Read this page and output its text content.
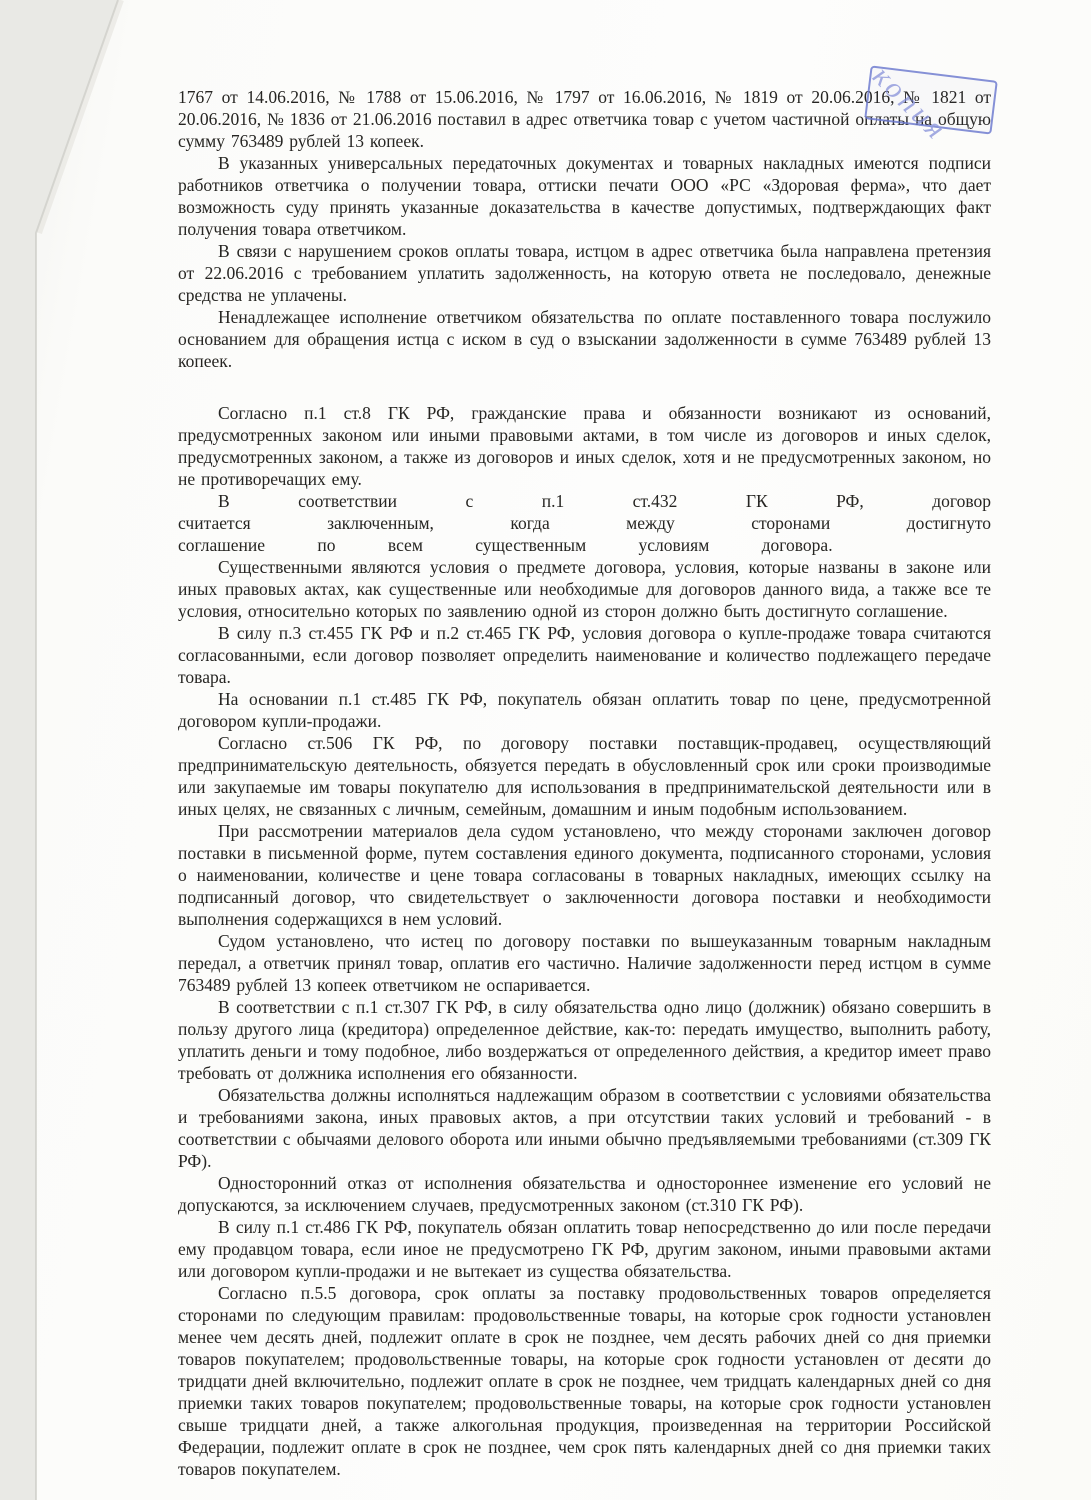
1767 от 14.06.2016, № 1788 от 15.06.2016, № 1797 от 16.06.2016, № 1819 от 20.06.2016, № 1821 от 20.06.2016, № 1836 от 21.06.2016 поставил в адрес ответчика товар с учетом частичной оплаты на общую сумму 763489 рублей 13 копеек.

В указанных универсальных передаточных документах и товарных накладных имеются подписи работников ответчика о получении товара, оттиски печати ООО «РС «Здоровая ферма», что дает возможность суду принять указанные доказательства в качестве допустимых, подтверждающих факт получения товара ответчиком.

В связи с нарушением сроков оплаты товара, истцом в адрес ответчика была направлена претензия от 22.06.2016 с требованием уплатить задолженность, на которую ответа не последовало, денежные средства не уплачены.

Ненадлежащее исполнение ответчиком обязательства по оплате поставленного товара послужило основанием для обращения истца с иском в суд о взыскании задолженности в сумме 763489 рублей 13 копеек.

Согласно п.1 ст.8 ГК РФ, гражданские права и обязанности возникают из оснований, предусмотренных законом или иными правовыми актами, в том числе из договоров и иных сделок, предусмотренных законом, а также из договоров и иных сделок, хотя и не предусмотренных законом, но не противоречащих ему.

В соответствии с п.1 ст.432 ГК РФ, договор считается заключенным, когда между сторонами достигнуто соглашение по всем существенным условиям договора.

Существенными являются условия о предмете договора, условия, которые названы в законе или иных правовых актах, как существенные или необходимые для договоров данного вида, а также все те условия, относительно которых по заявлению одной из сторон должно быть достигнуто соглашение.

В силу п.3 ст.455 ГК РФ и п.2 ст.465 ГК РФ, условия договора о купле-продаже товара считаются согласованными, если договор позволяет определить наименование и количество подлежащего передаче товара.

На основании п.1 ст.485 ГК РФ, покупатель обязан оплатить товар по цене, предусмотренной договором купли-продажи.

Согласно ст.506 ГК РФ, по договору поставки поставщик-продавец, осуществляющий предпринимательскую деятельность, обязуется передать в обусловленный срок или сроки производимые или закупаемые им товары покупателю для использования в предпринимательской деятельности или в иных целях, не связанных с личным, семейным, домашним и иным подобным использованием.

При рассмотрении материалов дела судом установлено, что между сторонами заключен договор поставки в письменной форме, путем составления единого документа, подписанного сторонами, условия о наименовании, количестве и цене товара согласованы в товарных накладных, имеющих ссылку на подписанный договор, что свидетельствует о заключенности договора поставки и необходимости выполнения содержащихся в нем условий.

Судом установлено, что истец по договору поставки по вышеуказанным товарным накладным передал, а ответчик принял товар, оплатив его частично. Наличие задолженности перед истцом в сумме 763489 рублей 13 копеек ответчиком не оспаривается.

В соответствии с п.1 ст.307 ГК РФ, в силу обязательства одно лицо (должник) обязано совершить в пользу другого лица (кредитора) определенное действие, как-то: передать имущество, выполнить работу, уплатить деньги и тому подобное, либо воздержаться от определенного действия, а кредитор имеет право требовать от должника исполнения его обязанности.

Обязательства должны исполняться надлежащим образом в соответствии с условиями обязательства и требованиями закона, иных правовых актов, а при отсутствии таких условий и требований - в соответствии с обычаями делового оборота или иными обычно предъявляемыми требованиями (ст.309 ГК РФ).

Односторонний отказ от исполнения обязательства и одностороннее изменение его условий не допускаются, за исключением случаев, предусмотренных законом (ст.310 ГК РФ).

В силу п.1 ст.486 ГК РФ, покупатель обязан оплатить товар непосредственно до или после передачи ему продавцом товара, если иное не предусмотрено ГК РФ, другим законом, иными правовыми актами или договором купли-продажи и не вытекает из существа обязательства.

Согласно п.5.5 договора, срок оплаты за поставку продовольственных товаров определяется сторонами по следующим правилам: продовольственные товары, на которые срок годности установлен менее чем десять дней, подлежит оплате в срок не позднее, чем десять рабочих дней со дня приемки товаров покупателем; продовольственные товары, на которые срок годности установлен от десяти до тридцати дней включительно, подлежит оплате в срок не позднее, чем тридцать календарных дней со дня приемки таких товаров покупателем; продовольственные товары, на которые срок годности установлен свыше тридцати дней, а также алкогольная продукция, произведенная на территории Российской Федерации, подлежит оплате в срок не позднее, чем срок пять календарных дней со дня приемки таких товаров покупателем.

копия
